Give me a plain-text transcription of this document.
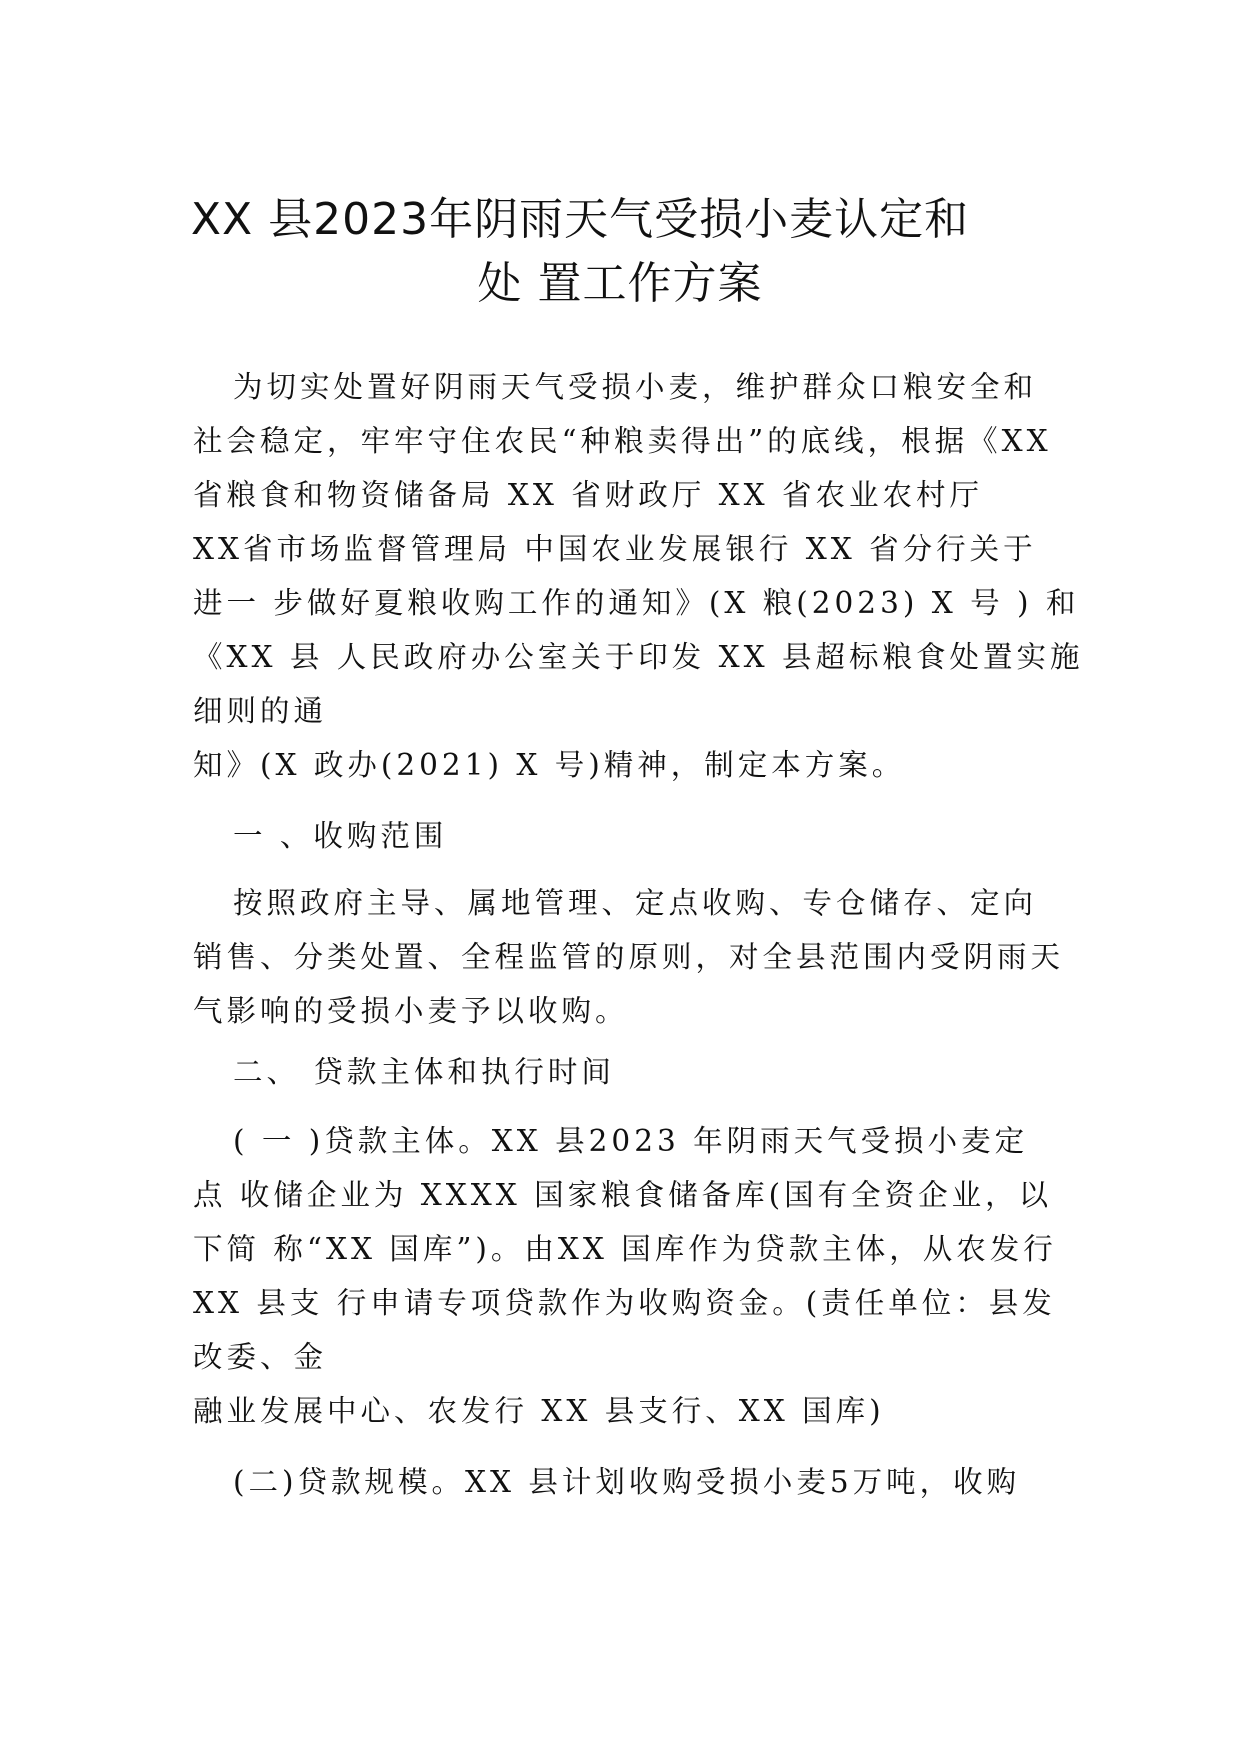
XX 县2023年阴雨天气受损小麦认定和
处 置工作方案
为切实处置好阴雨天气受损小麦，维护群众口粮安全和
社会稳定，牢牢守住农民“种粮卖得出”的底线，根据《XX
省粮食和物资储备局 XX 省财政厅 XX 省农业农村厅
XX省市场监督管理局 中国农业发展银行 XX 省分行关于
进一 步做好夏粮收购工作的通知》(X 粮(2023) X 号 ) 和
《XX 县 人民政府办公室关于印发 XX 县超标粮食处置实施
细则的通
知》(X 政办(2021) X 号)精神，制定本方案。
一 、收购范围
按照政府主导、属地管理、定点收购、专仓储存、定向
销售、分类处置、全程监管的原则，对全县范围内受阴雨天
气影响的受损小麦予以收购。
二、 贷款主体和执行时间
( 一 )贷款主体。XX 县2023 年阴雨天气受损小麦定
点 收储企业为 XXXX 国家粮食储备库(国有全资企业，以
下简 称“XX 国库”)。由XX 国库作为贷款主体，从农发行
XX 县支 行申请专项贷款作为收购资金。(责任单位：县发
改委、金
融业发展中心、农发行 XX 县支行、XX 国库)
(二)贷款规模。XX 县计划收购受损小麦5万吨，收购
